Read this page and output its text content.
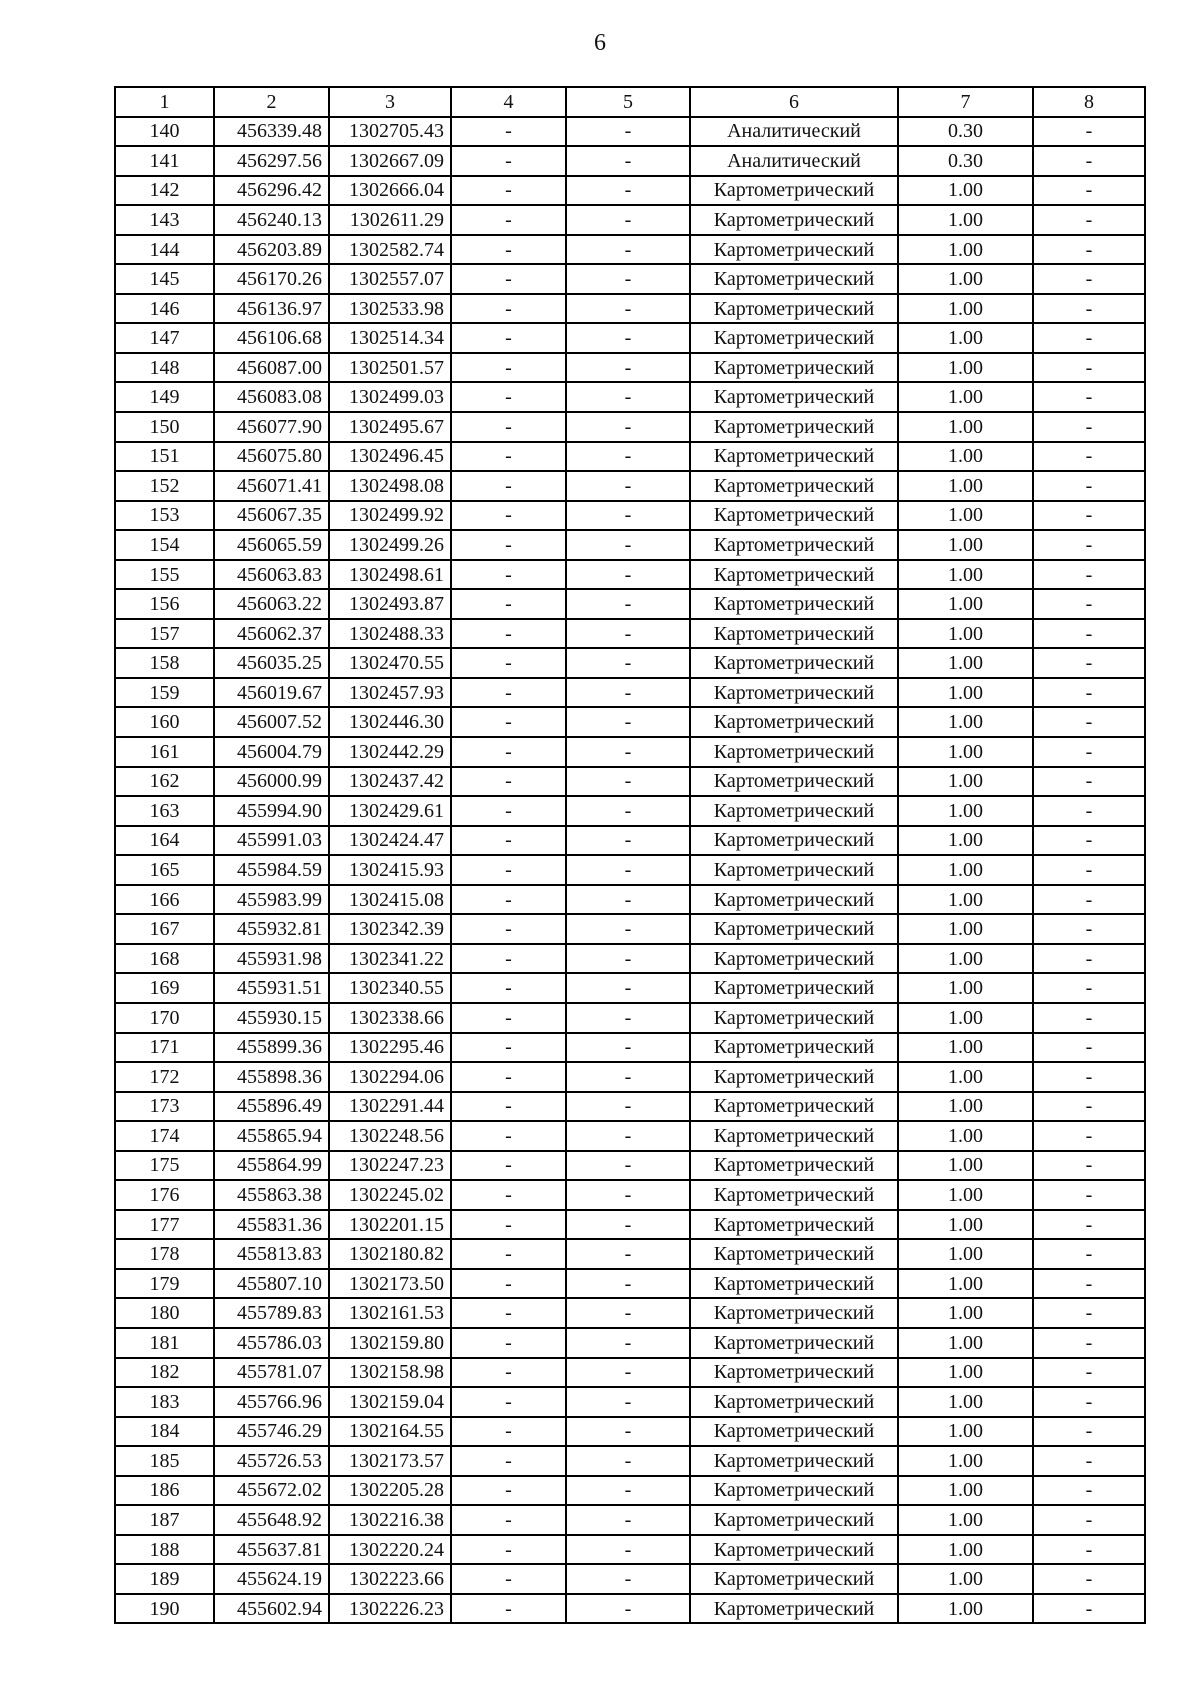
6
1	2	3	4	5	6	7	8
140	456339.48	1302705.43	-	-	Аналитический	0.30	-
141	456297.56	1302667.09	-	-	Аналитический	0.30	-
142	456296.42	1302666.04	-	-	Картометрический	1.00	-
143	456240.13	1302611.29	-	-	Картометрический	1.00	-
144	456203.89	1302582.74	-	-	Картометрический	1.00	-
145	456170.26	1302557.07	-	-	Картометрический	1.00	-
146	456136.97	1302533.98	-	-	Картометрический	1.00	-
147	456106.68	1302514.34	-	-	Картометрический	1.00	-
148	456087.00	1302501.57	-	-	Картометрический	1.00	-
149	456083.08	1302499.03	-	-	Картометрический	1.00	-
150	456077.90	1302495.67	-	-	Картометрический	1.00	-
151	456075.80	1302496.45	-	-	Картометрический	1.00	-
152	456071.41	1302498.08	-	-	Картометрический	1.00	-
153	456067.35	1302499.92	-	-	Картометрический	1.00	-
154	456065.59	1302499.26	-	-	Картометрический	1.00	-
155	456063.83	1302498.61	-	-	Картометрический	1.00	-
156	456063.22	1302493.87	-	-	Картометрический	1.00	-
157	456062.37	1302488.33	-	-	Картометрический	1.00	-
158	456035.25	1302470.55	-	-	Картометрический	1.00	-
159	456019.67	1302457.93	-	-	Картометрический	1.00	-
160	456007.52	1302446.30	-	-	Картометрический	1.00	-
161	456004.79	1302442.29	-	-	Картометрический	1.00	-
162	456000.99	1302437.42	-	-	Картометрический	1.00	-
163	455994.90	1302429.61	-	-	Картометрический	1.00	-
164	455991.03	1302424.47	-	-	Картометрический	1.00	-
165	455984.59	1302415.93	-	-	Картометрический	1.00	-
166	455983.99	1302415.08	-	-	Картометрический	1.00	-
167	455932.81	1302342.39	-	-	Картометрический	1.00	-
168	455931.98	1302341.22	-	-	Картометрический	1.00	-
169	455931.51	1302340.55	-	-	Картометрический	1.00	-
170	455930.15	1302338.66	-	-	Картометрический	1.00	-
171	455899.36	1302295.46	-	-	Картометрический	1.00	-
172	455898.36	1302294.06	-	-	Картометрический	1.00	-
173	455896.49	1302291.44	-	-	Картометрический	1.00	-
174	455865.94	1302248.56	-	-	Картометрический	1.00	-
175	455864.99	1302247.23	-	-	Картометрический	1.00	-
176	455863.38	1302245.02	-	-	Картометрический	1.00	-
177	455831.36	1302201.15	-	-	Картометрический	1.00	-
178	455813.83	1302180.82	-	-	Картометрический	1.00	-
179	455807.10	1302173.50	-	-	Картометрический	1.00	-
180	455789.83	1302161.53	-	-	Картометрический	1.00	-
181	455786.03	1302159.80	-	-	Картометрический	1.00	-
182	455781.07	1302158.98	-	-	Картометрический	1.00	-
183	455766.96	1302159.04	-	-	Картометрический	1.00	-
184	455746.29	1302164.55	-	-	Картометрический	1.00	-
185	455726.53	1302173.57	-	-	Картометрический	1.00	-
186	455672.02	1302205.28	-	-	Картометрический	1.00	-
187	455648.92	1302216.38	-	-	Картометрический	1.00	-
188	455637.81	1302220.24	-	-	Картометрический	1.00	-
189	455624.19	1302223.66	-	-	Картометрический	1.00	-
190	455602.94	1302226.23	-	-	Картометрический	1.00	-
